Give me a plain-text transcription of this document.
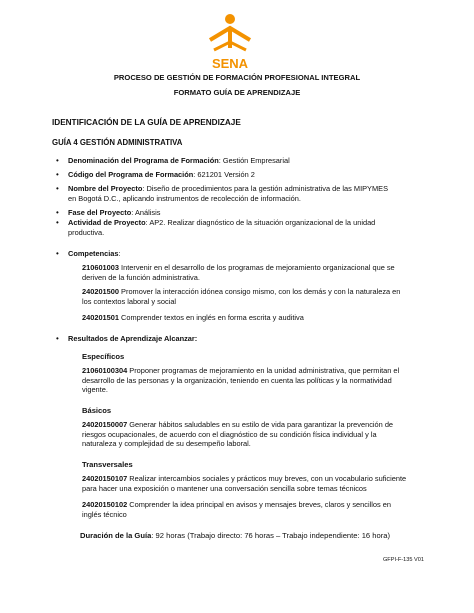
SENA
PROCESO DE GESTIÓN DE FORMACIÓN PROFESIONAL INTEGRAL
FORMATO GUÍA DE APRENDIZAJE
IDENTIFICACIÓN DE LA GUÍA DE APRENDIZAJE
GUÍA 4 GESTIÓN ADMINISTRATIVA
• Denominación del Programa de Formación: Gestión Empresarial
• Código del Programa de Formación: 621201 Versión 2
• Nombre del Proyecto: Diseño de procedimientos para la gestión administrativa de las MIPYMES
en Bogotá D.C., aplicando instrumentos de recolección de información.
• Fase del Proyecto: Análisis
• Actividad de Proyecto: AP2. Realizar diagnóstico de la situación organizacional de la unidad
productiva.
• Competencias:
210601003 Intervenir en el desarrollo de los programas de mejoramiento organizacional que se
deriven de la función administrativa.
240201500 Promover la interacción idónea consigo mismo, con los demás y con la naturaleza en
los contextos laboral y social
240201501 Comprender textos en inglés en forma escrita y auditiva
• Resultados de Aprendizaje Alcanzar:
Específicos
21060100304 Proponer programas de mejoramiento en la unidad administrativa, que permitan el
desarrollo de las personas y la organización, teniendo en cuenta las políticas y la normatividad
vigente.
Básicos
24020150007 Generar hábitos saludables en su estilo de vida para garantizar la prevención de
riesgos ocupacionales, de acuerdo con el diagnóstico de su condición física individual y la
naturaleza y complejidad de su desempeño laboral.
Transversales
24020150107 Realizar intercambios sociales y prácticos muy breves, con un vocabulario suficiente
para hacer una exposición o mantener una conversación sencilla sobre temas técnicos
24020150102 Comprender la idea principal en avisos y mensajes breves, claros y sencillos en
inglés técnico
Duración de la Guía: 92 horas (Trabajo directo: 76 horas – Trabajo independiente: 16 hora)
GFPI-F-135 V01
